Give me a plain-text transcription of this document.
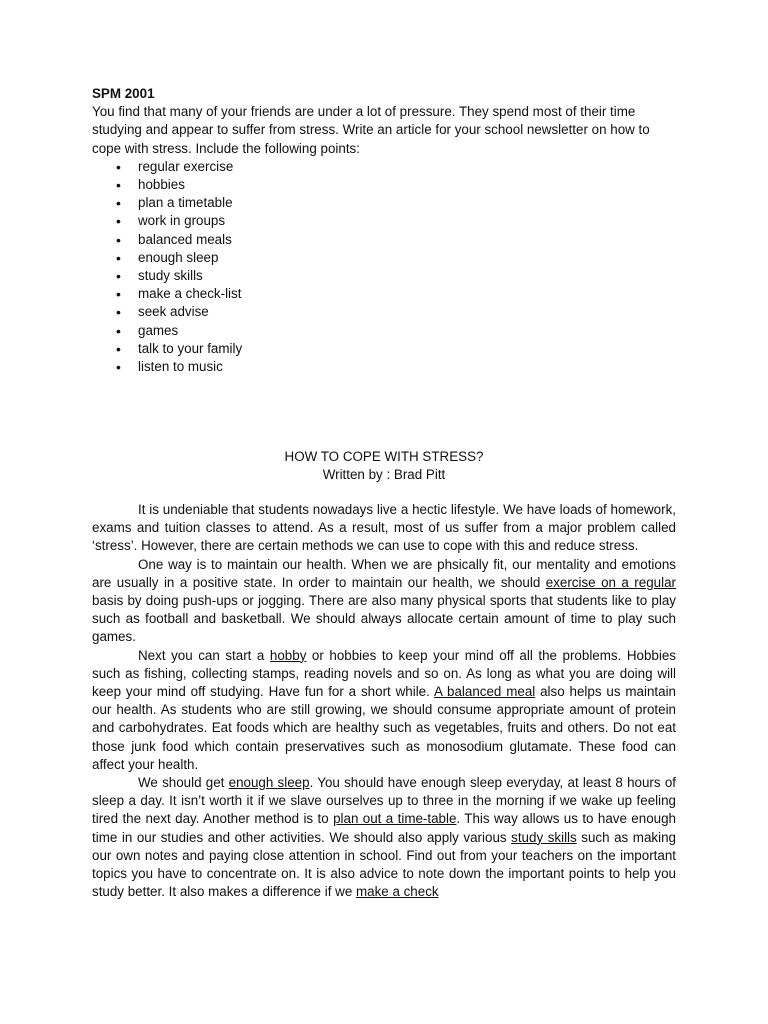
SPM 2001
You find that many of your friends are under a lot of pressure. They spend most of their time studying and appear to suffer from stress. Write an article for your school newsletter on how to cope with stress. Include the following points:
• regular exercise
• hobbies
• plan a timetable
• work in groups
• balanced meals
• enough sleep
• study skills
• make a check-list
• seek advise
• games
• talk to your family
• listen to music
HOW TO COPE WITH STRESS?
Written by : Brad Pitt

It is undeniable that students nowadays live a hectic lifestyle. We have loads of homework, exams and tuition classes to attend. As a result, most of us suffer from a major problem called ‘stress’. However, there are certain methods we can use to cope with this and reduce stress.

One way is to maintain our health. When we are phsically fit, our mentality and emotions are usually in a positive state. In order to maintain our health, we should exercise on a regular basis by doing push-ups or jogging. There are also many physical sports that students like to play such as football and basketball. We should always allocate certain amount of time to play such games.

Next you can start a hobby or hobbies to keep your mind off all the problems. Hobbies such as fishing, collecting stamps, reading novels and so on. As long as what you are doing will keep your mind off studying. Have fun for a short while. A balanced meal also helps us maintain our health. As students who are still growing, we should consume appropriate amount of protein and carbohydrates. Eat foods which are healthy such as vegetables, fruits and others. Do not eat those junk food which contain preservatives such as monosodium glutamate. These food can affect your health.

We should get enough sleep. You should have enough sleep everyday, at least 8 hours of sleep a day. It isn’t worth it if we slave ourselves up to three in the morning if we wake up feeling tired the next day. Another method is to plan out a time-table. This way allows us to have enough time in our studies and other activities. We should also apply various study skills such as making our own notes and paying close attention in school. Find out from your teachers on the important topics you have to concentrate on. It is also advice to note down the important points to help you study better. It also makes a difference if we make a check
